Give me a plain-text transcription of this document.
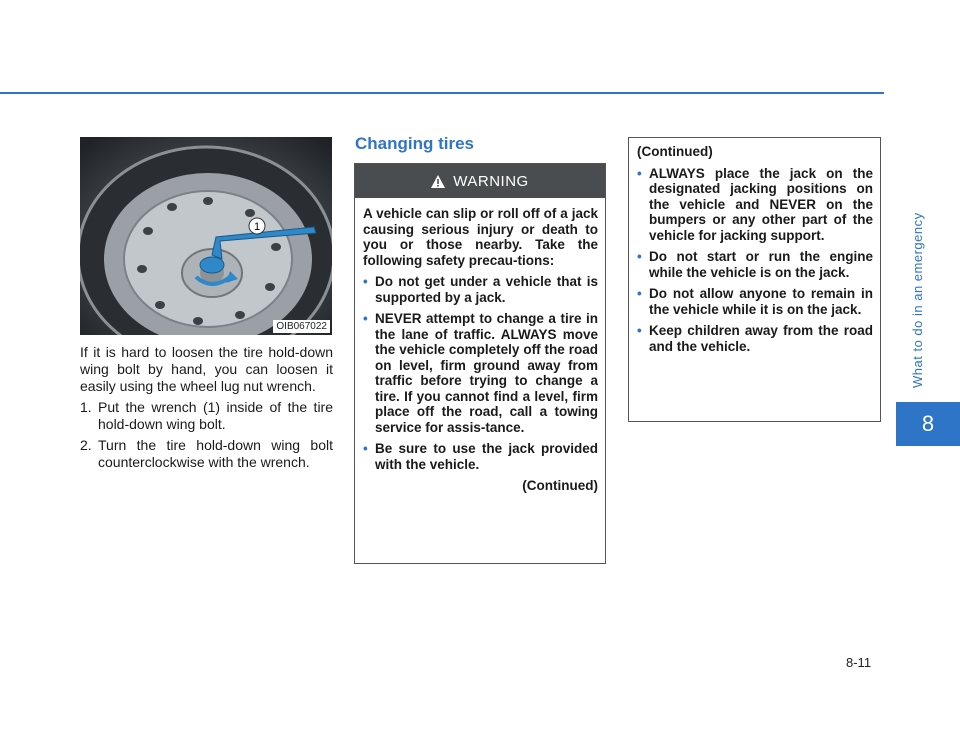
What to do in an emergency
8
1
OIB067022

If it is hard to loosen the tire hold-down wing bolt by hand, you can loosen it easily using the wheel lug nut wrench.

1. Put the wrench (1) inside of the tire hold-down wing bolt.
2. Turn the tire hold-down wing bolt counterclockwise with the wrench.
Changing tires
WARNING

A vehicle can slip or roll off of a jack causing serious injury or death to you or those nearby. Take the following safety precau-tions:

• Do not get under a vehicle that is supported by a jack.
• NEVER attempt to change a tire in the lane of traffic. ALWAYS move the vehicle completely off the road on level, firm ground away from traffic before trying to change a tire. If you cannot find a level, firm place off the road, call a towing service for assis-tance.
• Be sure to use the jack provided with the vehicle.
(Continued)

(Continued)

• ALWAYS place the jack on the designated jacking positions on the vehicle and NEVER on the bumpers or any other part of the vehicle for jacking support.
• Do not start or run the engine while the vehicle is on the jack.
• Do not allow anyone to remain in the vehicle while it is on the jack.
• Keep children away from the road and the vehicle.
8-11
